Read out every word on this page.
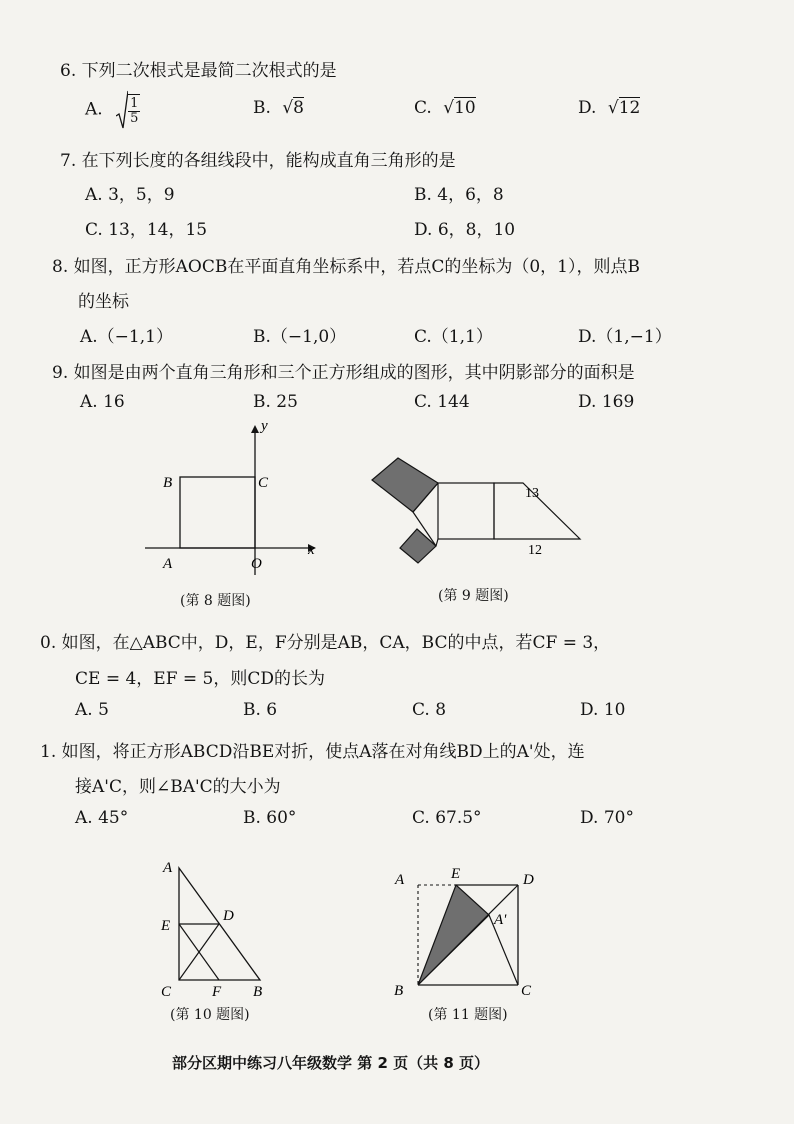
6. 下列二次根式是最简二次根式的是
A. $\frac{1}{5}$	B. √8	C. √10	D. √12
7. 在下列长度的各组线段中，能构成直角三角形的是
A. 3，5，9	B. 4，6，8
C. 13，14，15	D. 6，8，10
8. 如图，正方形AOCB在平面直角坐标系中，若点C的坐标为（0，1），则点B
的坐标
A.（−1,1）	B.（−1,0）	C.（1,1）	D.（1,−1）
9. 如图是由两个直角三角形和三个正方形组成的图形，其中阴影部分的面积是
A. 16	B. 25	C. 144	D. 169
y
x
B	C
A	O
(第 8 题图)
13
12
(第 9 题图)
0. 如图，在△ABC中，D，E，F分别是AB，CA，BC的中点，若CF = 3，
CE = 4，EF = 5，则CD的长为
A. 5	B. 6	C. 8	D. 10
1. 如图，将正方形ABCD沿BE对折，使点A落在对角线BD上的A'处，连
接A'C，则∠BA'C的大小为
A. 45°	B. 60°	C. 67.5°	D. 70°
A
E
D
C	F B
(第 10 题图)
A	E	D
A'
B	C
(第 11 题图)
部分区期中练习八年级数学 第 2 页（共 8 页）
